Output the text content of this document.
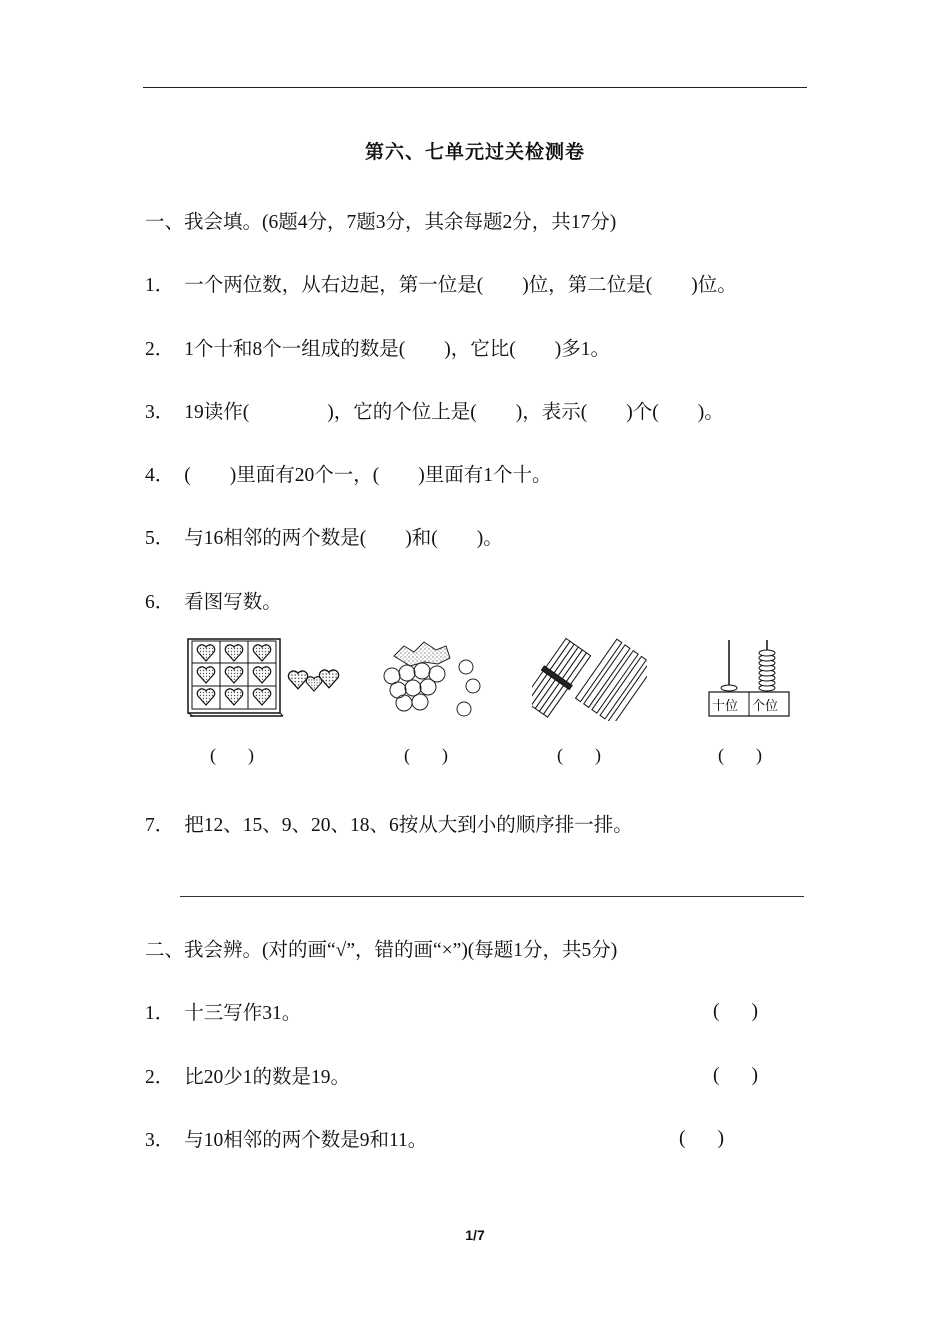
第六、七单元过关检测卷
一、我会填。(6题4分，7题3分，其余每题2分，共17分)
1． 一个两位数，从右边起，第一位是(　　)位，第二位是(　　)位。
2． 1个十和8个一组成的数是(　　)，它比(　　)多1。
3． 19读作(　　　　)，它的个位上是(　　)，表示(　　)个(　　)。
4． (　　)里面有20个一，(　　)里面有1个十。
5． 与16相邻的两个数是(　　)和(　　)。
6． 看图写数。
十位 个位
( )	( )	( )	( )
7． 把12、15、9、20、18、6按从大到小的顺序排一排。
二、我会辨。(对的画“√”，错的画“×”)(每题1分，共5分)
1． 十三写作31。	( )
2． 比20少1的数是19。	( )
3． 与10相邻的两个数是9和11。	( )
1/7
